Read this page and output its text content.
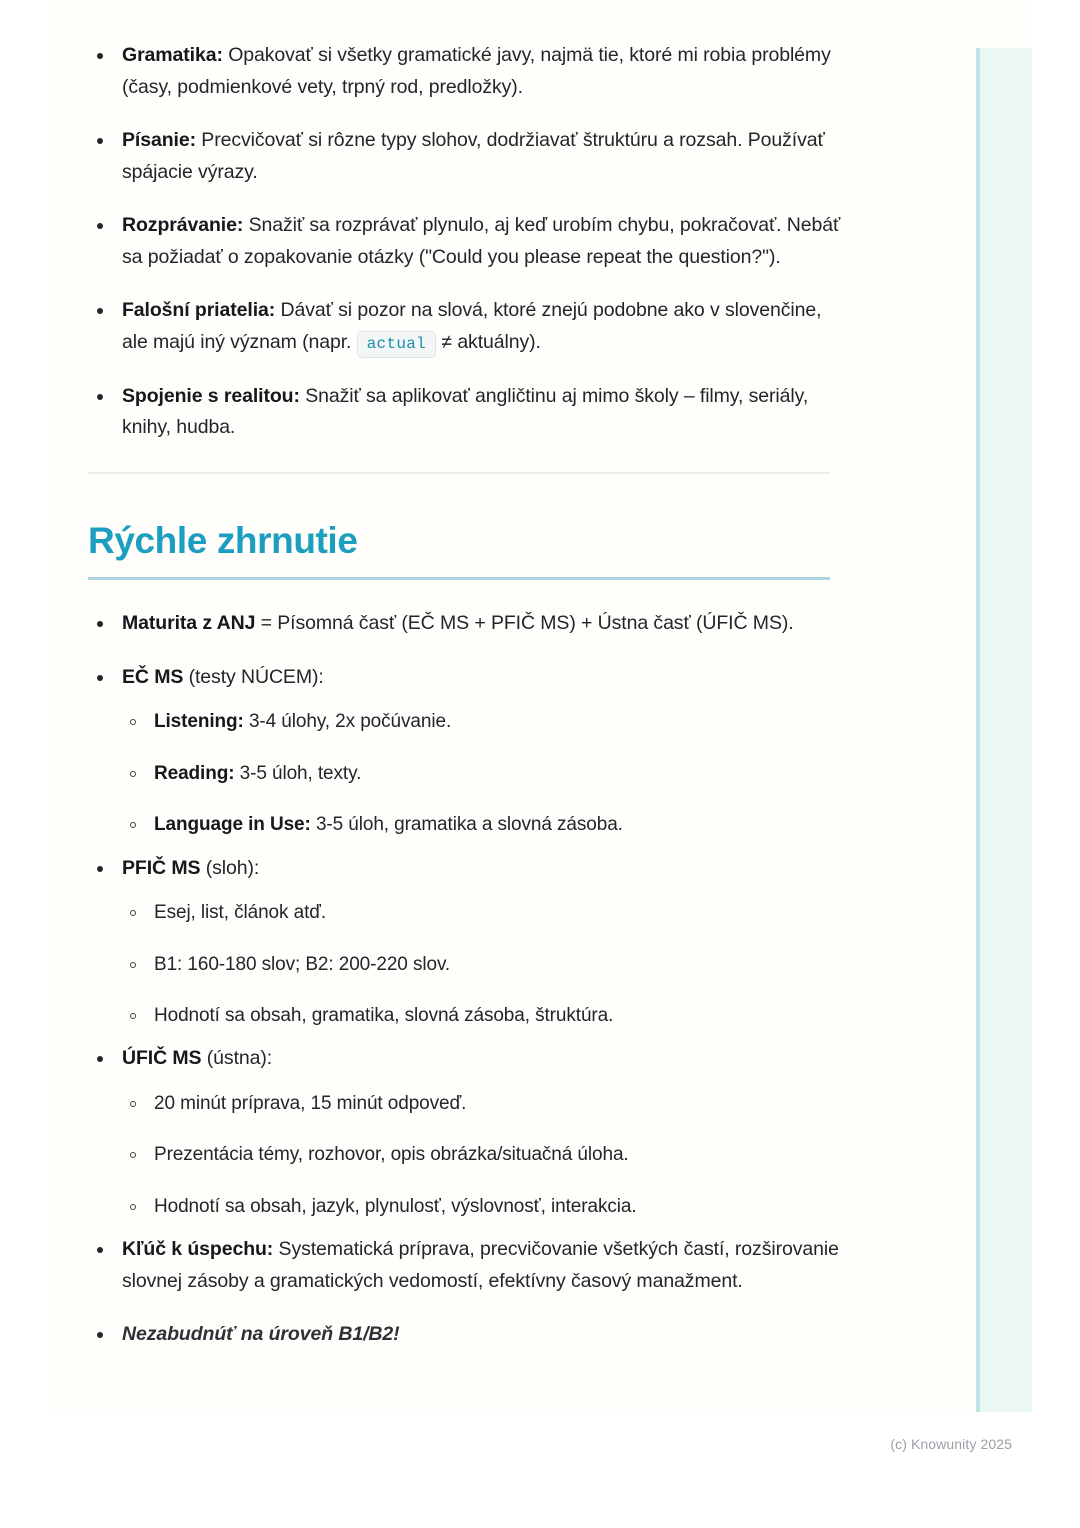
Gramatika: Opakovať si všetky gramatické javy, najmä tie, ktoré mi robia problémy (časy, podmienkové vety, trpný rod, predložky).
Písanie: Precvičovať si rôzne typy slohov, dodržiavať štruktúru a rozsah. Používať spájacie výrazy.
Rozprávanie: Snažiť sa rozprávať plynulo, aj keď urobím chybu, pokračovať. Nebáť sa požiadať o zopakovanie otázky ("Could you please repeat the question?").
Falošní priatelia: Dávať si pozor na slová, ktoré znejú podobne ako v slovenčine, ale majú iný význam (napr. actual ≠ aktuálny).
Spojenie s realitou: Snažiť sa aplikovať angličtinu aj mimo školy – filmy, seriály, knihy, hudba.
Rýchle zhrnutie
Maturita z ANJ = Písomná časť (EČ MS + PFIČ MS) + Ústna časť (ÚFIČ MS).
EČ MS (testy NÚCEM):
Listening: 3-4 úlohy, 2x počúvanie.
Reading: 3-5 úloh, texty.
Language in Use: 3-5 úloh, gramatika a slovná zásoba.
PFIČ MS (sloh):
Esej, list, článok atď.
B1: 160-180 slov; B2: 200-220 slov.
Hodnotí sa obsah, gramatika, slovná zásoba, štruktúra.
ÚFIČ MS (ústna):
20 minút príprava, 15 minút odpoveď.
Prezentácia témy, rozhovor, opis obrázka/situačná úloha.
Hodnotí sa obsah, jazyk, plynulosť, výslovnosť, interakcia.
Kľúč k úspechu: Systematická príprava, precvičovanie všetkých častí, rozširovanie slovnej zásoby a gramatických vedomostí, efektívny časový manažment.
Nezabudnúť na úroveň B1/B2!
(c) Knowunity 2025
